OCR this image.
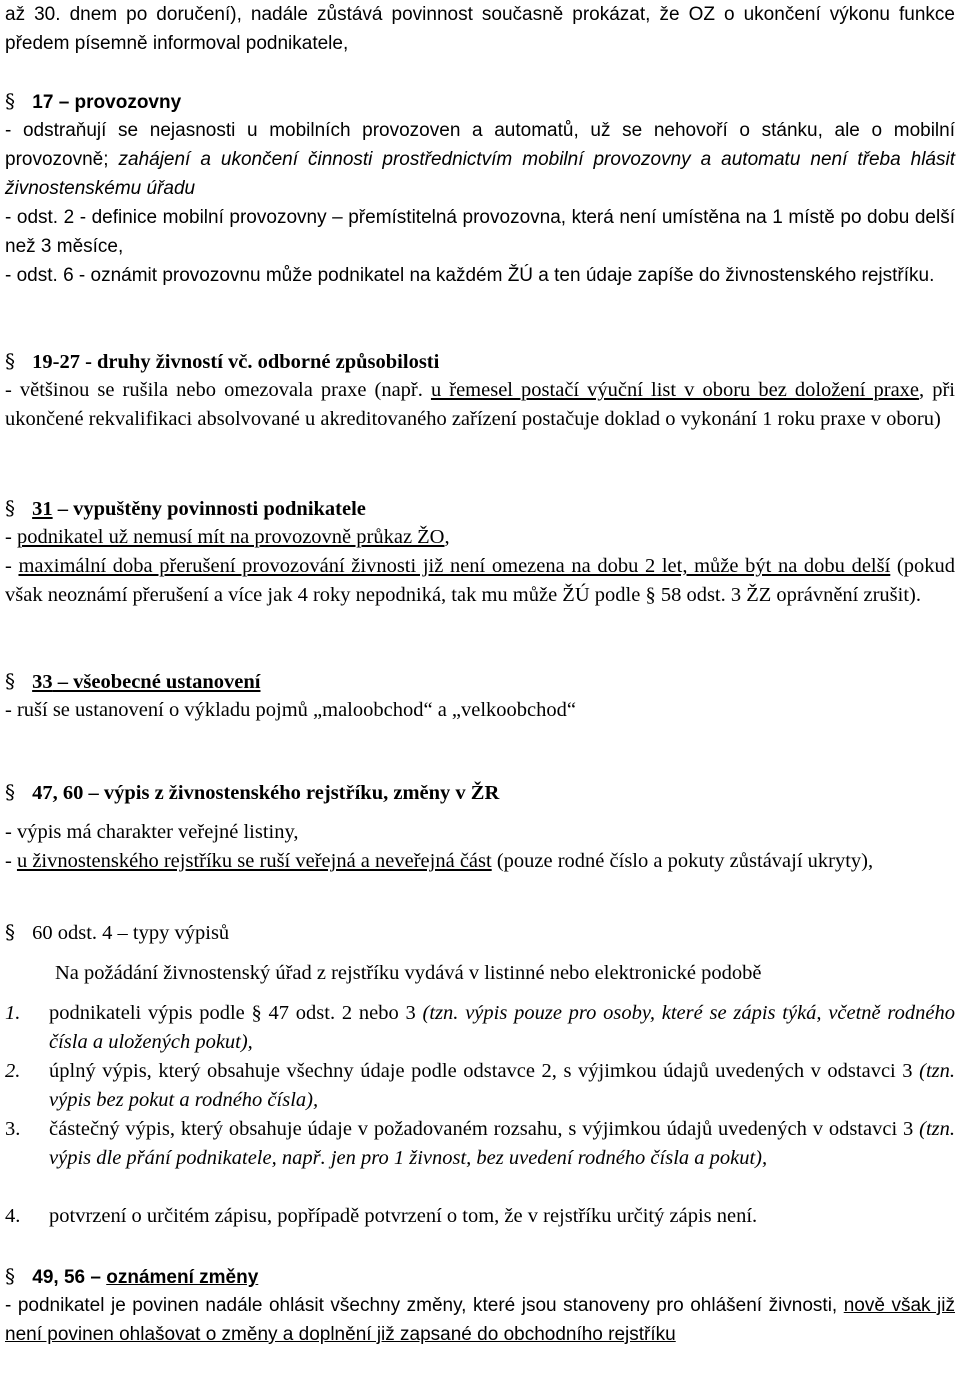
až 30. dnem po doručení), nadále zůstává povinnost současně prokázat, že OZ o ukončení výkonu funkce předem písemně informoval podnikatele,

§ 17 – provozovny

- odstraňují se nejasnosti u mobilních provozoven a automatů, už se nehovoří o stánku, ale o mobilní provozovně; zahájení a ukončení činnosti prostřednictvím mobilní provozovny a automatu není třeba hlásit živnostenskému úřadu

- odst. 2 - definice mobilní provozovny – přemístitelná provozovna, která není umístěna na 1 místě po dobu delší než 3 měsíce,

- odst. 6 - oznámit provozovnu může podnikatel na každém ŽÚ a ten údaje zapíše do živnostenského rejstříku.

§ 19-27 - druhy živností vč. odborné způsobilosti

- většinou se rušila nebo omezovala praxe (např. u řemesel postačí výuční list v oboru bez doložení praxe, při ukončené rekvalifikaci absolvované u akreditovaného zařízení postačuje doklad o vykonání 1 roku praxe v oboru)

§ 31 – vypuštěny povinnosti podnikatele

- podnikatel už nemusí mít na provozovně průkaz ŽO,

- maximální doba přerušení provozování živnosti již není omezena na dobu 2 let, může být na dobu delší (pokud však neoznámí přerušení a více jak 4 roky nepodniká, tak mu může ŽÚ podle § 58 odst. 3 ŽZ oprávnění zrušit).

§ 33 – všeobecné ustanovení

- ruší se ustanovení o výkladu pojmů „maloobchod“ a „velkoobchod“

§ 47, 60 – výpis z živnostenského rejstříku, změny v ŽR

- výpis má charakter veřejné listiny,

- u živnostenského rejstříku se ruší veřejná a neveřejná část (pouze rodné číslo a pokuty zůstávají ukryty),

§ 60 odst. 4 – typy výpisů

Na požádání živnostenský úřad z rejstříku vydává v listinné nebo elektronické podobě

1. podnikateli výpis podle § 47 odst. 2 nebo 3 (tzn. výpis pouze pro osoby, které se zápis týká, včetně rodného čísla a uložených pokut),
2. úplný výpis, který obsahuje všechny údaje podle odstavce 2, s výjimkou údajů uvedených v odstavci 3 (tzn. výpis bez pokut a rodného čísla),
3. částečný výpis, který obsahuje údaje v požadovaném rozsahu, s výjimkou údajů uvedených v odstavci 3 (tzn. výpis dle přání podnikatele, např. jen pro 1 živnost, bez uvedení rodného čísla a pokut),
4. potvrzení o určitém zápisu, popřípadě potvrzení o tom, že v rejstříku určitý zápis není.

§ 49, 56 – oznámení změny

- podnikatel je povinen nadále ohlásit všechny změny, které jsou stanoveny pro ohlášení živnosti, nově však již není povinen ohlašovat o změny a doplnění již zapsané do obchodního rejstříku
